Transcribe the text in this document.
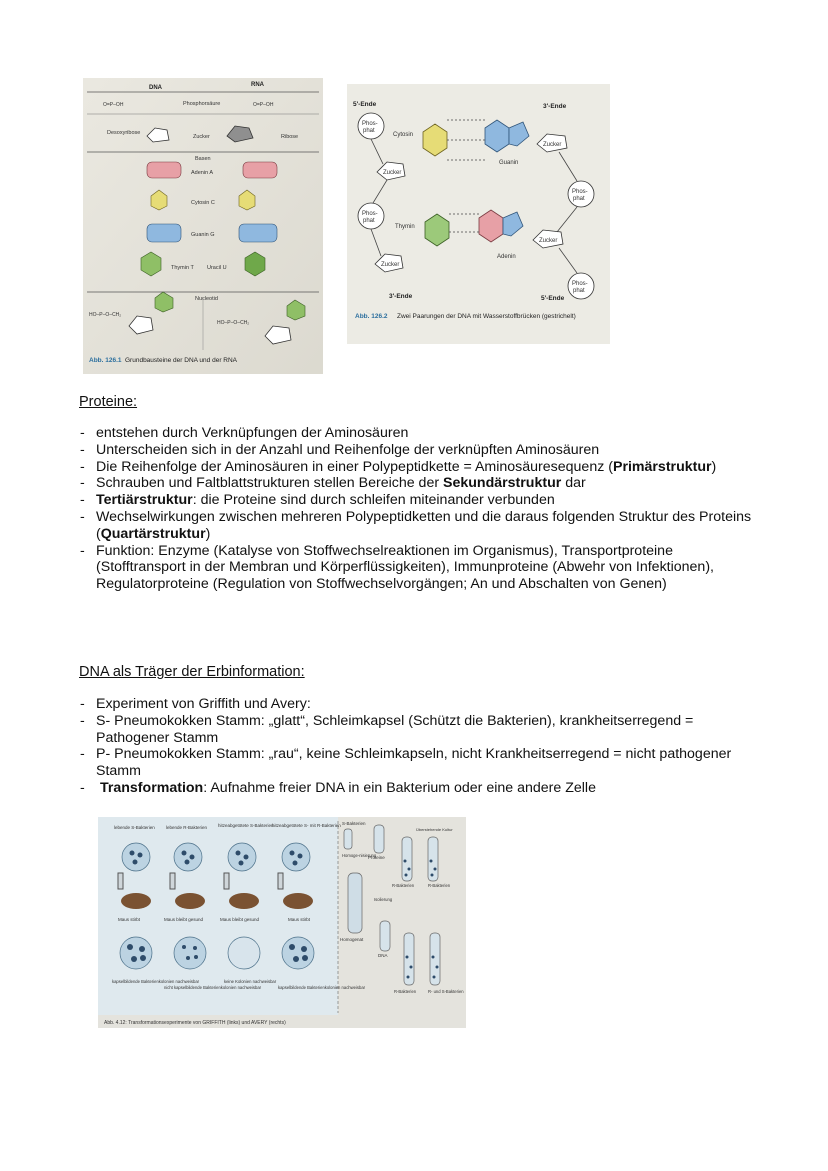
DNA	RNA
O=P–OH	Phosphorsäure	O=P–OH
Desoxyribose
Zucker	Ribose
Basen
Adenin A
Cytosin C
Guanin G
Thymin T Uracil U
Nucleotid
HO–P–O–CH₂
HO–P–O–CH₂
Abb. 126.1 Grundbausteine der DNA und der RNA
5'-Ende	3'-Ende
Phos-
phat
Cytosin
Guanin
Zucker
Zucker
Phos-
phat
Phos-
phat
Thymin
Adenin
Zucker
Zucker
Phos-
phat
3'-Ende	5'-Ende
Abb. 126.2 Zwei Paarungen der DNA mit Wasserstoffbrücken (gestrichelt)
Proteine:
- entstehen durch Verknüpfungen der Aminosäuren
- Unterscheiden sich in der Anzahl und Reihenfolge der verknüpften Aminosäuren
- Die Reihenfolge der Aminosäuren in einer Polypeptidkette = Aminosäuresequenz (Primärstruktur)
- Schrauben und Faltblattstrukturen stellen Bereiche der Sekundärstruktur dar
- Tertiärstruktur: die Proteine sind durch schleifen miteinander verbunden
- Wechselwirkungen zwischen mehreren Polypeptidketten und die daraus folgenden Struktur des Proteins (Quartärstruktur)
- Funktion: Enzyme (Katalyse von Stoffwechselreaktionen im Organismus), Transportproteine (Stofftransport in der Membran und Körperflüssigkeiten), Immunproteine (Abwehr von Infektionen), Regulatorproteine (Regulation von Stoffwechselvorgängen; An und Abschalten von Genen)
DNA als Träger der Erbinformation:
- Experiment von Griffith und Avery:
- S- Pneumokokken Stamm: „glatt“, Schleimkapsel (Schützt die Bakterien), krankheitserregend = Pathogener Stamm
- P- Pneumokokken Stamm: „rau“, keine Schleimkapseln, nicht Krankheitserregend = nicht pathogener Stamm
- Transformation: Aufnahme freier DNA in ein Bakterium oder eine andere Zelle
lebende S-Bakterien lebende R-Bakterien hitzeabgetötete S-Bakterien
hitzeabgetötete S- mit R-Bakterien
Maus stirbt	Maus bleibt gesund	Maus bleibt gesund	Maus stirbt
kapselbildende Bakterienkolonien nachweisbar
nicht kapselbildende Bakterienkolonien nachweisbar
keine Kolonien nachweisbar
kapselbildende Bakterienkolonien nachweisbar
S-Bakterien
Homoge-nisierung
Proteine
Überstehende Kultur
R-Bakterien	R-Bakterien
Isolierung
Homogenat
DNA
R-Bakterien	R- und S-Bakterien
Abb. 4.12: Transformationsexperimente von GRIFFITH (links) und AVERY (rechts)
